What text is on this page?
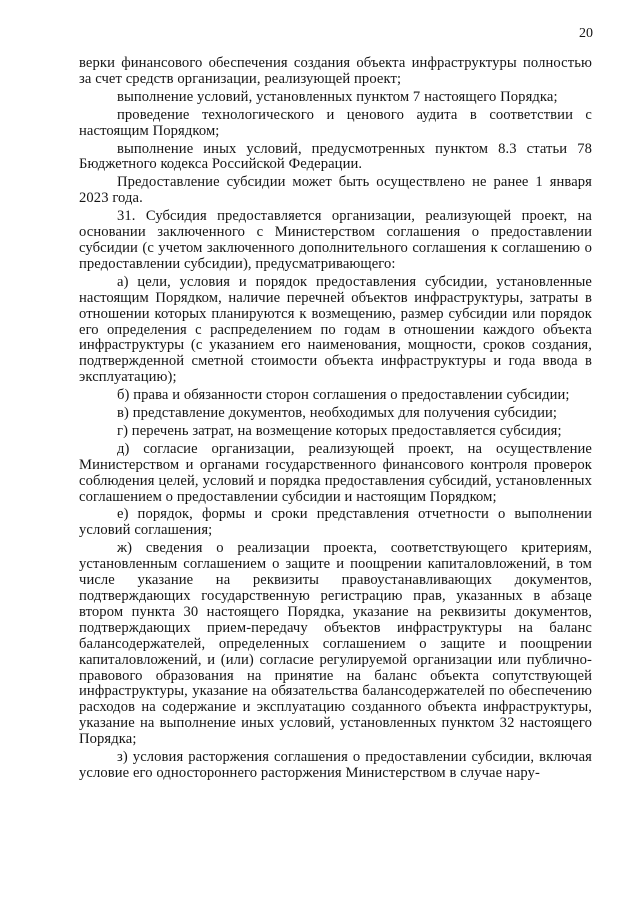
20

верки финансового обеспечения создания объекта инфраструктуры полностью за счет средств организации, реализующей проект;

выполнение условий, установленных пунктом 7 настоящего Порядка;

проведение технологического и ценового аудита в соответствии с настоящим Порядком;

выполнение иных условий, предусмотренных пунктом 8.3 статьи 78 Бюджетного кодекса Российской Федерации.

Предоставление субсидии может быть осуществлено не ранее 1 января 2023 года.

31. Субсидия предоставляется организации, реализующей проект, на основании заключенного с Министерством соглашения о предоставлении субсидии (с учетом заключенного дополнительного соглашения к соглашению о предоставлении субсидии), предусматривающего:

а) цели, условия и порядок предоставления субсидии, установленные настоящим Порядком, наличие перечней объектов инфраструктуры, затраты в отношении которых планируются к возмещению, размер субсидии или порядок его определения с распределением по годам в отношении каждого объекта инфраструктуры (с указанием его наименования, мощности, сроков создания, подтвержденной сметной стоимости объекта инфраструктуры и года ввода в эксплуатацию);

б) права и обязанности сторон соглашения о предоставлении субсидии;

в) представление документов, необходимых для получения субсидии;

г) перечень затрат, на возмещение которых предоставляется субсидия;

д) согласие организации, реализующей проект, на осуществление Министерством и органами государственного финансового контроля проверок соблюдения целей, условий и порядка предоставления субсидий, установленных соглашением о предоставлении субсидии и настоящим Порядком;

е) порядок, формы и сроки представления отчетности о выполнении условий соглашения;

ж) сведения о реализации проекта, соответствующего критериям, установленным соглашением о защите и поощрении капиталовложений, в том числе указание на реквизиты правоустанавливающих документов, подтверждающих государственную регистрацию прав, указанных в абзаце втором пункта 30 настоящего Порядка, указание на реквизиты документов, подтверждающих прием-передачу объектов инфраструктуры на баланс балансодержателей, определенных соглашением о защите и поощрении капиталовложений, и (или) согласие регулируемой организации или публично-правового образования на принятие на баланс объекта сопутствующей инфраструктуры, указание на обязательства балансодержателей по обеспечению расходов на содержание и эксплуатацию созданного объекта инфраструктуры, указание на выполнение иных условий, установленных пунктом 32 настоящего Порядка;

з) условия расторжения соглашения о предоставлении субсидии, включая условие его одностороннего расторжения Министерством в случае нару-
